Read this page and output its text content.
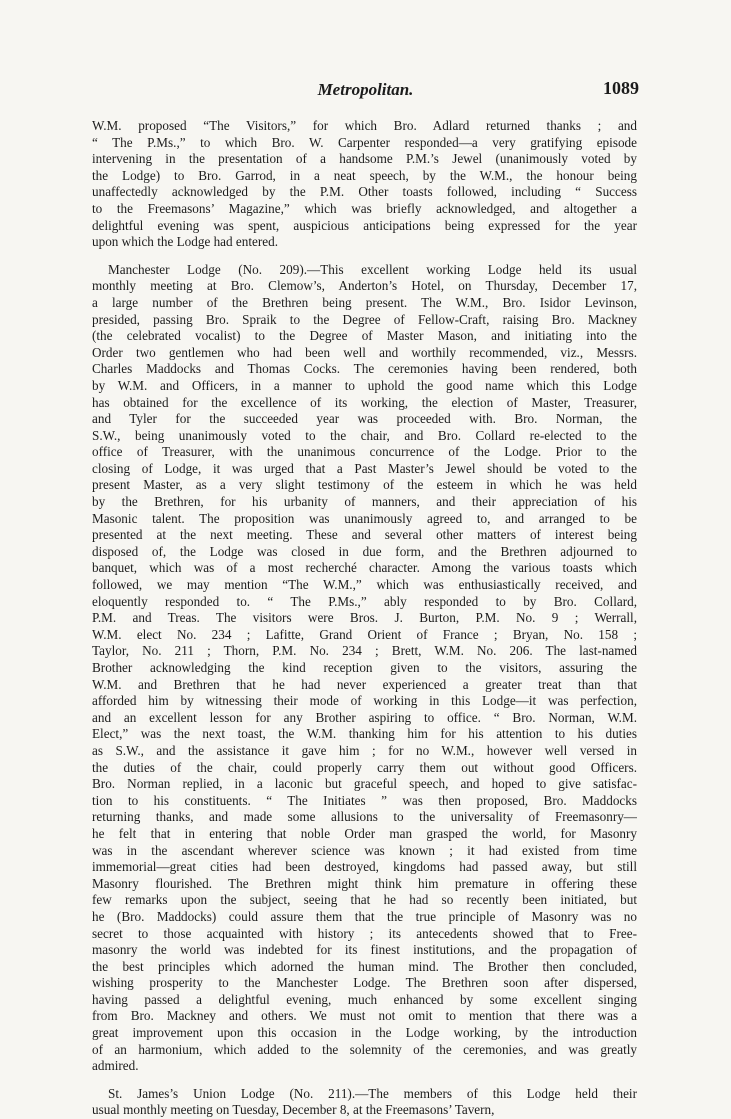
Metropolitan.	1089
W.M. proposed “The Visitors,” for which Bro. Adlard returned thanks ; and
“ The P.Ms.,” to which Bro. W. Carpenter responded—a very gratifying episode
intervening in the presentation of a handsome P.M.’s Jewel (unanimously voted by
the Lodge) to Bro. Garrod, in a neat speech, by the W.M., the honour being
unaffectedly acknowledged by the P.M. Other toasts followed, including “ Success
to the Freemasons’ Magazine,” which was briefly acknowledged, and altogether a
delightful evening was spent, auspicious anticipations being expressed for the year
upon which the Lodge had entered.
Manchester Lodge (No. 209).—This excellent working Lodge held its usual
monthly meeting at Bro. Clemow’s, Anderton’s Hotel, on Thursday, December 17,
a large number of the Brethren being present. The W.M., Bro. Isidor Levinson,
presided, passing Bro. Spraik to the Degree of Fellow-Craft, raising Bro. Mackney
(the celebrated vocalist) to the Degree of Master Mason, and initiating into the
Order two gentlemen who had been well and worthily recommended, viz., Messrs.
Charles Maddocks and Thomas Cocks. The ceremonies having been rendered, both
by W.M. and Officers, in a manner to uphold the good name which this Lodge
has obtained for the excellence of its working, the election of Master, Treasurer,
and Tyler for the succeeded year was proceeded with. Bro. Norman, the
S.W., being unanimously voted to the chair, and Bro. Collard re-elected to the
office of Treasurer, with the unanimous concurrence of the Lodge. Prior to the
closing of Lodge, it was urged that a Past Master’s Jewel should be voted to the
present Master, as a very slight testimony of the esteem in which he was held
by the Brethren, for his urbanity of manners, and their appreciation of his
Masonic talent. The proposition was unanimously agreed to, and arranged to be
presented at the next meeting. These and several other matters of interest being
disposed of, the Lodge was closed in due form, and the Brethren adjourned to
banquet, which was of a most recherché character. Among the various toasts which
followed, we may mention “The W.M.,” which was enthusiastically received, and
eloquently responded to. “ The P.Ms.,” ably responded to by Bro. Collard,
P.M. and Treas. The visitors were Bros. J. Burton, P.M. No. 9 ; Werrall,
W.M. elect No. 234 ; Lafitte, Grand Orient of France ; Bryan, No. 158 ;
Taylor, No. 211 ; Thorn, P.M. No. 234 ; Brett, W.M. No. 206. The last-named
Brother acknowledging the kind reception given to the visitors, assuring the
W.M. and Brethren that he had never experienced a greater treat than that
afforded him by witnessing their mode of working in this Lodge—it was perfection,
and an excellent lesson for any Brother aspiring to office. “ Bro. Norman, W.M.
Elect,” was the next toast, the W.M. thanking him for his attention to his duties
as S.W., and the assistance it gave him ; for no W.M., however well versed in
the duties of the chair, could properly carry them out without good Officers.
Bro. Norman replied, in a laconic but graceful speech, and hoped to give satisfac-
tion to his constituents. “ The Initiates ” was then proposed, Bro. Maddocks
returning thanks, and made some allusions to the universality of Freemasonry—
he felt that in entering that noble Order man grasped the world, for Masonry
was in the ascendant wherever science was known ; it had existed from time
immemorial—great cities had been destroyed, kingdoms had passed away, but still
Masonry flourished. The Brethren might think him premature in offering these
few remarks upon the subject, seeing that he had so recently been initiated, but
he (Bro. Maddocks) could assure them that the true principle of Masonry was no
secret to those acquainted with history ; its antecedents showed that to Free-
masonry the world was indebted for its finest institutions, and the propagation of
the best principles which adorned the human mind. The Brother then concluded,
wishing prosperity to the Manchester Lodge. The Brethren soon after dispersed,
having passed a delightful evening, much enhanced by some excellent singing
from Bro. Mackney and others. We must not omit to mention that there was a
great improvement upon this occasion in the Lodge working, by the introduction
of an harmonium, which added to the solemnity of the ceremonies, and was greatly
admired.
St. James’s Union Lodge (No. 211).—The members of this Lodge held their
usual monthly meeting on Tuesday, December 8, at the Freemasons’ Tavern,
